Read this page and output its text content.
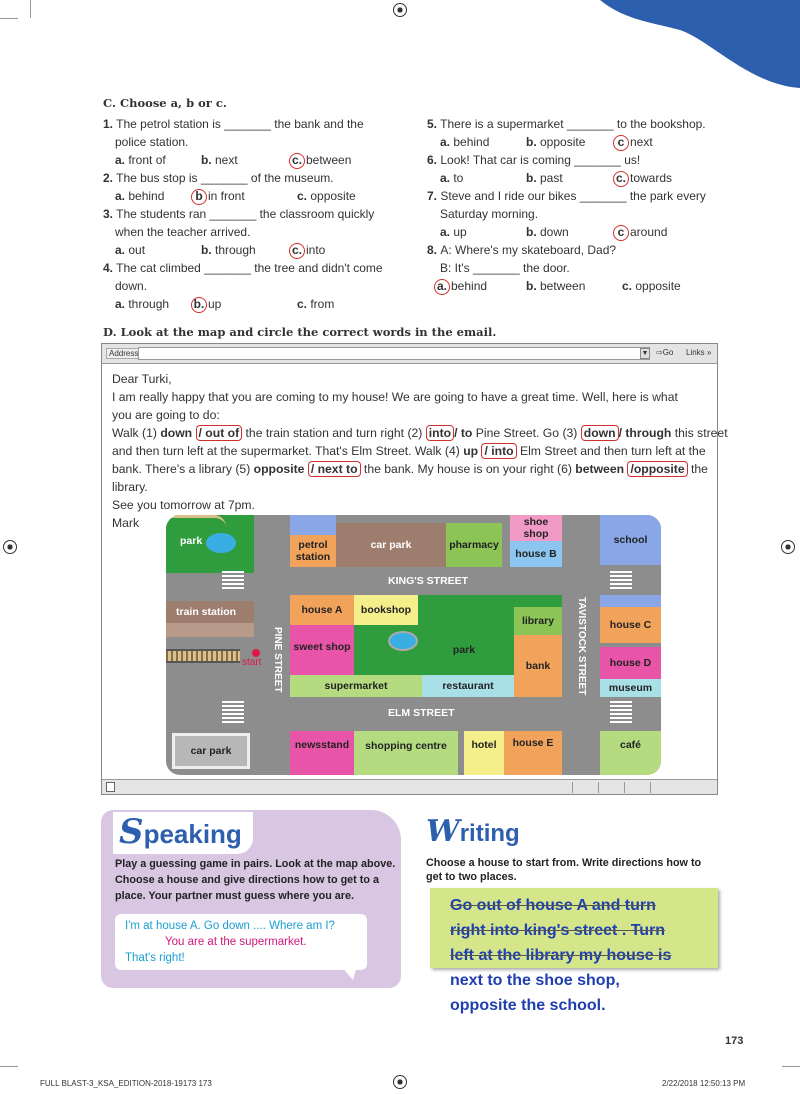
C. Choose a, b or c.
1. The petrol station is _______ the bank and the
police station.
a. front of	b. next	c. between
2. The bus stop is _______ of the museum.
a. behind	b in front	c. opposite
3. The students ran _______ the classroom quickly
when the teacher arrived.
a. out	b. through	c. into
4. The cat climbed _______ the tree and didn't come
down.
a. through b. up	c. from
5. There is a supermarket _______ to the bookshop.
a. behind	b. opposite	c next
6. Look! That car is coming _______ us!
a. to	b. past	c. towards
7. Steve and I ride our bikes _______ the park every
Saturday morning.
a. up	b. down	c around
8. A: Where's my skateboard, Dad?
B: It's _______ the door.
a. behind	b. between	c. opposite
D. Look at the map and circle the correct words in the email.
Address	▼ ⇨Go Links »
Dear Turki,
I am really happy that you are coming to my house! We are going to have a great time. Well, here is what
you are going to do:
Walk (1) down / out of the train station and turn right (2) into / to Pine Street. Go (3) down / through this street
and then turn left at the supermarket. That's Elm Street. Walk (4) up / into Elm Street and then turn left at the
bank. There's a library (5) opposite / next to the bank. My house is on your right (6) between /opposite the
library.
See you tomorrow at 7pm.
Mark
park	petrol station
car park	pharmacy
shoe shop
house B
school
KING'S STREET
train station
start PINE STREET
house A	bookshop
park
sweet shop
library
bank
supermarket	restaurant	TAVISTOCK STREET	house C
house D
museum
ELM STREET
car park	newsstand	shopping centre	hotel	house E	café
Speaking
Play a guessing game in pairs. Look at the map above.
Choose a house and give directions how to get to a
place. Your partner must guess where you are.
I'm at house A. Go down .... Where am I?
You are at the supermarket.
That's right!
Writing
Choose a house to start from. Write directions how to
get to two places.
Go out of house A and turn
right into king's street . Turn
left at the library my house is
next to the shoe shop,
opposite the school.
173
FULL BLAST-3_KSA_EDITION-2018-19173 173	2/22/2018 12:50:13 PM
